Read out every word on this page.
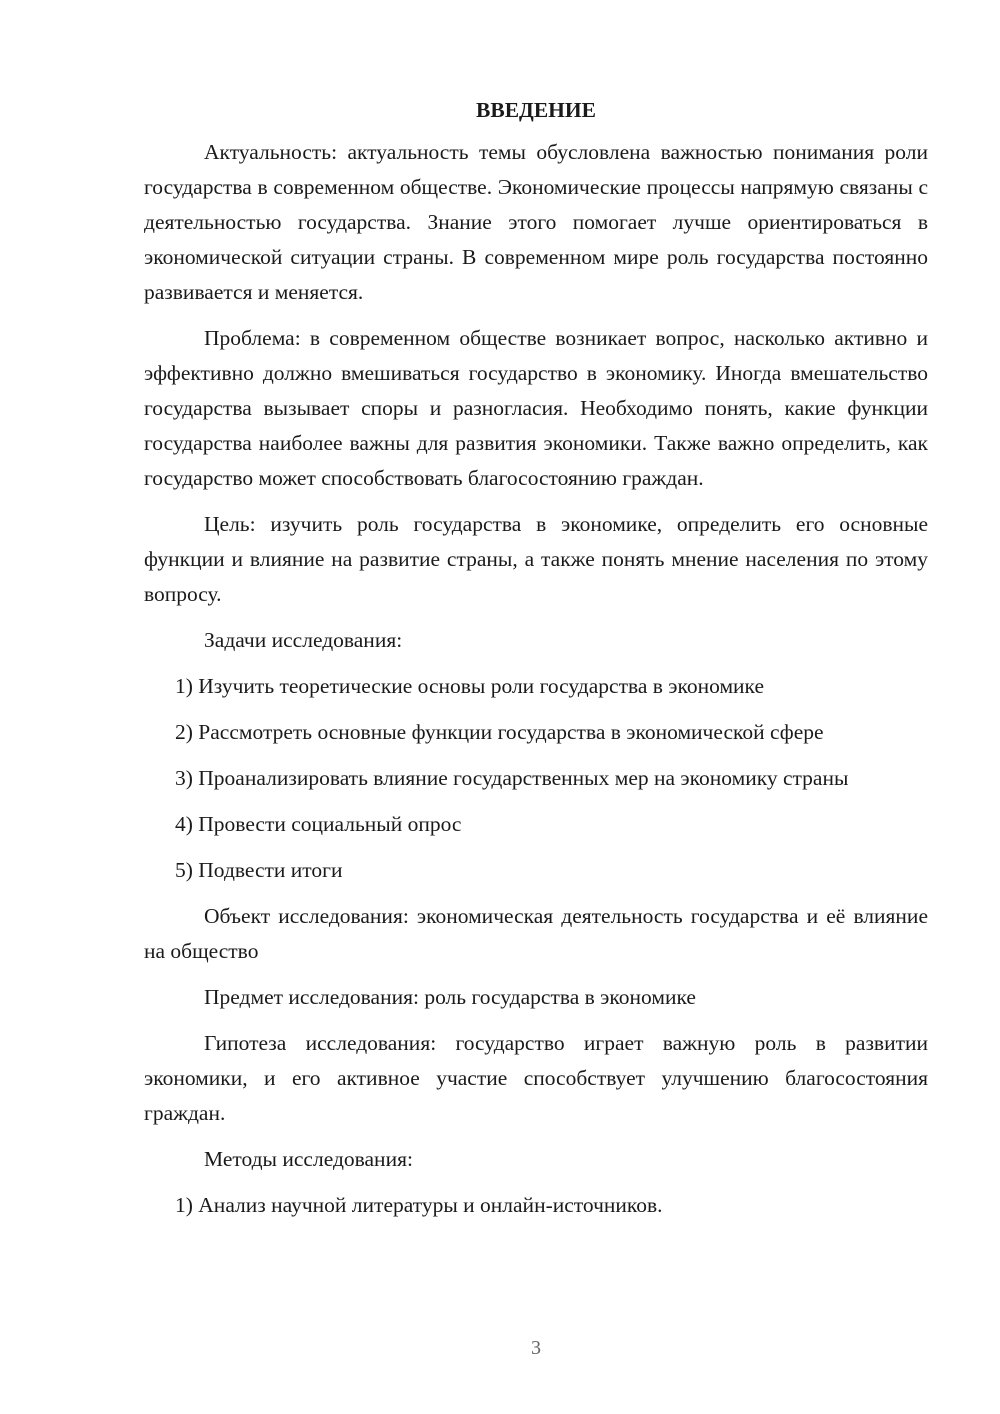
ВВЕДЕНИЕ

Актуальность: актуальность темы обусловлена важностью понимания роли государства в современном обществе. Экономические процессы напрямую связаны с деятельностью государства. Знание этого помогает лучше ориентироваться в экономической ситуации страны. В современном мире роль государства постоянно развивается и меняется.

Проблема: в современном обществе возникает вопрос, насколько активно и эффективно должно вмешиваться государство в экономику. Иногда вмешательство государства вызывает споры и разногласия. Необходимо понять, какие функции государства наиболее важны для развития экономики. Также важно определить, как государство может способствовать благосостоянию граждан.

Цель: изучить роль государства в экономике, определить его основные функции и влияние на развитие страны, а также понять мнение населения по этому вопросу.

Задачи исследования:

1) Изучить теоретические основы роли государства в экономике

2) Рассмотреть основные функции государства в экономической сфере

3) Проанализировать влияние государственных мер на экономику страны

4) Провести социальный опрос

5) Подвести итоги

Объект исследования: экономическая деятельность государства и её влияние на общество

Предмет исследования: роль государства в экономике

Гипотеза исследования: государство играет важную роль в развитии экономики, и его активное участие способствует улучшению благосостояния граждан.

Методы исследования:

1) Анализ научной литературы и онлайн-источников.

3
